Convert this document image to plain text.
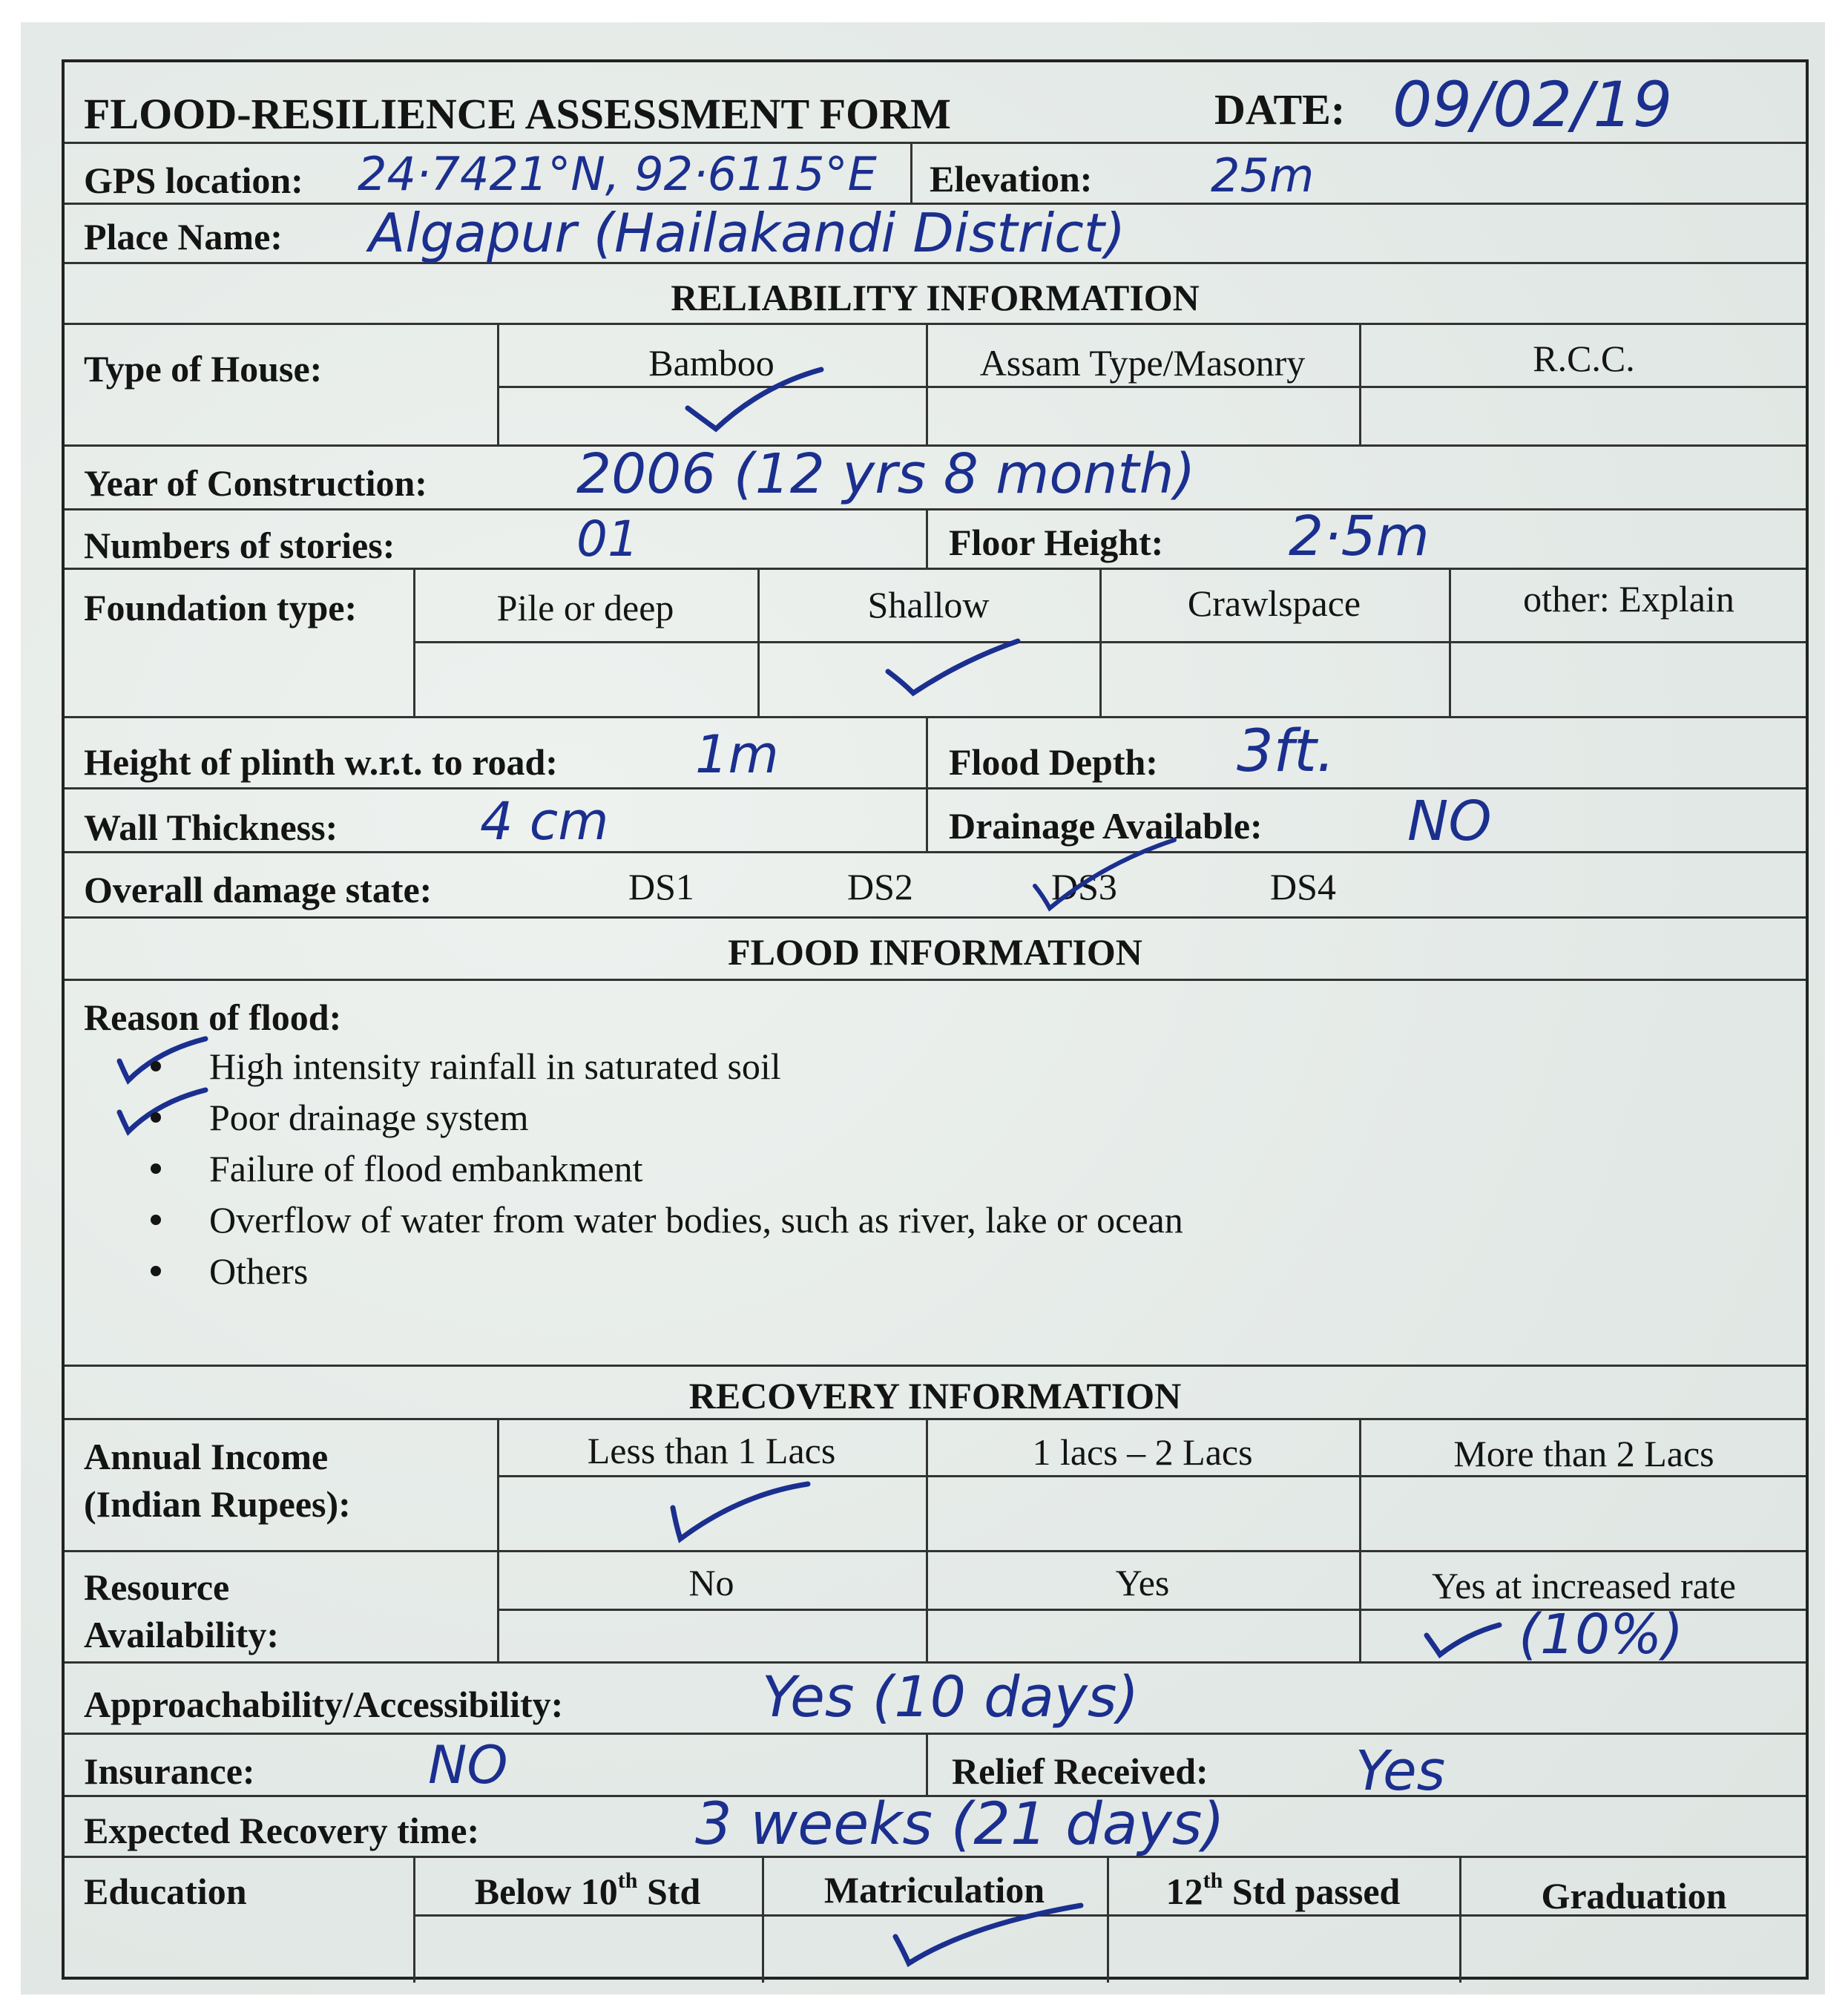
FLOOD-RESILIENCE ASSESSMENT FORM	DATE: 09/02/19
GPS location: 24·7421°N, 92·6115°E Elevation:	25m
Place Name: Algapur (Hailakandi District)
RELIABILITY INFORMATION
Type of House:	Bamboo	Assam Type/Masonry	R.C.C.
Year of Construction:	2006 (12 yrs 8 month)
Numbers of stories:	01	Floor Height: 2·5m
Foundation type:	Pile or deep	Shallow	Crawlspace	other: Explain
Height of plinth w.r.t. to road:	1m	Flood Depth: 3ft.
Wall Thickness:	4 cm	Drainage Available:	NO
Overall damage state:	DS1	DS2	DS3	DS4
FLOOD INFORMATION
Reason of flood:
High intensity rainfall in saturated soil
Poor drainage system
Failure of flood embankment
Overflow of water from water bodies, such as river, lake or ocean
Others
RECOVERY INFORMATION
Annual Income
(Indian Rupees):
Less than 1 Lacs	1 lacs – 2 Lacs	More than 2 Lacs
Resource
Availability:
No	Yes	Yes at increased rate
(10%)
Approachability/Accessibility:	Yes (10 days)
Insurance:	NO	Relief Received:	Yes
Expected Recovery time:	3 weeks (21 days)
Education	Below 10th Std	Matriculation	12th Std passed	Graduation
